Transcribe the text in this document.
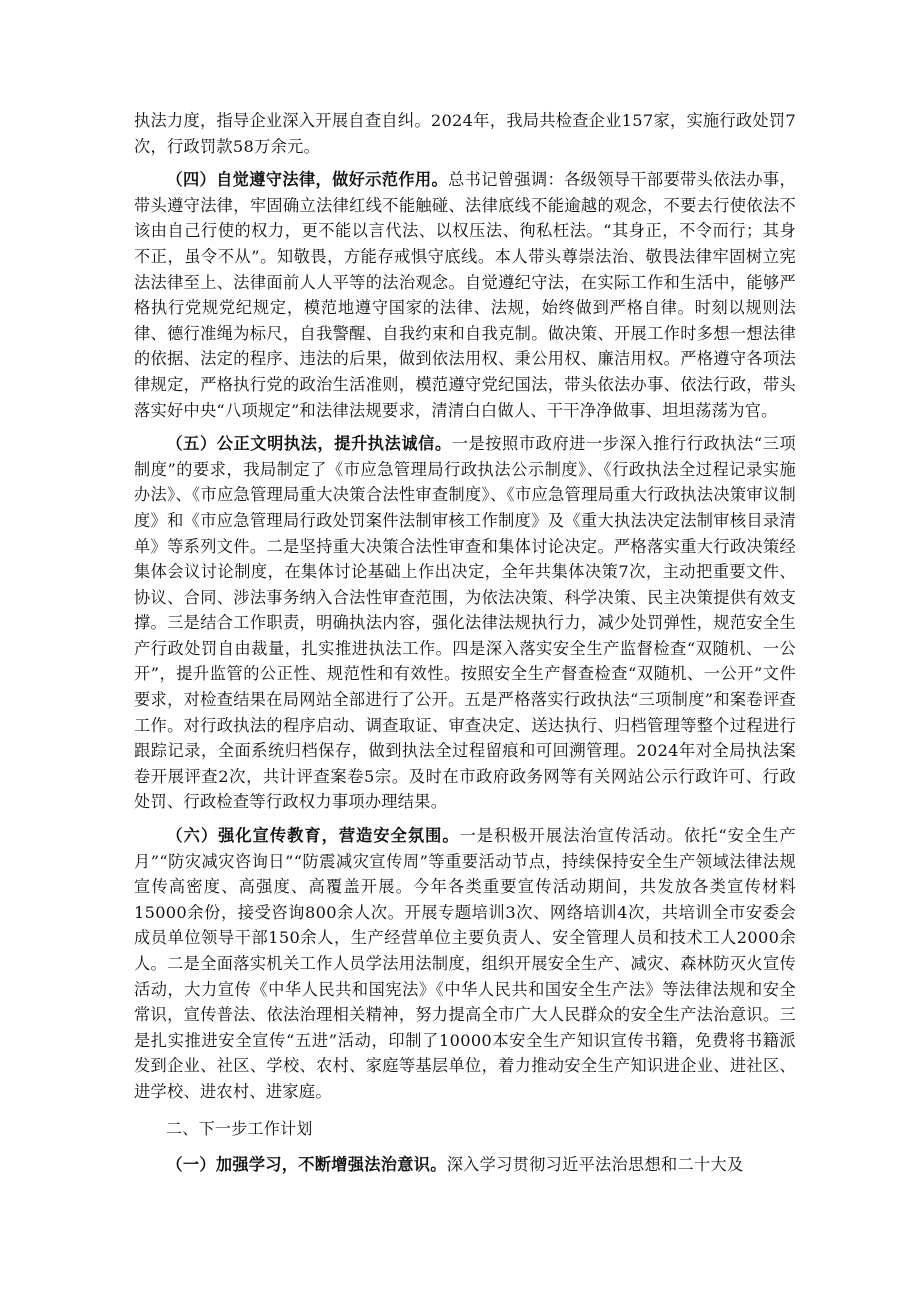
执法力度，指导企业深入开展自查自纠。2024年，我局共检查企业157家，实施行政处罚7次，行政罚款58万余元。

（四）自觉遵守法律，做好示范作用。总书记曾强调：各级领导干部要带头依法办事，带头遵守法律，牢固确立法律红线不能触碰、法律底线不能逾越的观念，不要去行使依法不该由自己行使的权力，更不能以言代法、以权压法、徇私枉法。“其身正，不令而行；其身不正，虽令不从”。知敬畏，方能存戒惧守底线。本人带头尊崇法治、敬畏法律牢固树立宪法法律至上、法律面前人人平等的法治观念。自觉遵纪守法，在实际工作和生活中，能够严格执行党规党纪规定，模范地遵守国家的法律、法规，始终做到严格自律。时刻以规则法律、德行准绳为标尺，自我警醒、自我约束和自我克制。做决策、开展工作时多想一想法律的依据、法定的程序、违法的后果，做到依法用权、秉公用权、廉洁用权。严格遵守各项法律规定，严格执行党的政治生活准则，模范遵守党纪国法，带头依法办事、依法行政，带头落实好中央“八项规定”和法律法规要求，清清白白做人、干干净净做事、坦坦荡荡为官。

（五）公正文明执法，提升执法诚信。一是按照市政府进一步深入推行行政执法“三项制度”的要求，我局制定了《市应急管理局行政执法公示制度》、《行政执法全过程记录实施办法》、《市应急管理局重大决策合法性审查制度》、《市应急管理局重大行政执法决策审议制度》和《市应急管理局行政处罚案件法制审核工作制度》及《重大执法决定法制审核目录清单》等系列文件。二是坚持重大决策合法性审查和集体讨论决定。严格落实重大行政决策经集体会议讨论制度，在集体讨论基础上作出决定，全年共集体决策7次，主动把重要文件、协议、合同、涉法事务纳入合法性审查范围，为依法决策、科学决策、民主决策提供有效支撑。三是结合工作职责，明确执法内容，强化法律法规执行力，减少处罚弹性，规范安全生产行政处罚自由裁量，扎实推进执法工作。四是深入落实安全生产监督检查“双随机、一公开”，提升监管的公正性、规范性和有效性。按照安全生产督查检查“双随机、一公开”文件要求，对检查结果在局网站全部进行了公开。五是严格落实行政执法“三项制度”和案卷评查工作。对行政执法的程序启动、调查取证、审查决定、送达执行、归档管理等整个过程进行跟踪记录，全面系统归档保存，做到执法全过程留痕和可回溯管理。2024年对全局执法案卷开展评查2次，共计评查案卷5宗。及时在市政府政务网等有关网站公示行政许可、行政处罚、行政检查等行政权力事项办理结果。

（六）强化宣传教育，营造安全氛围。一是积极开展法治宣传活动。依托“安全生产月”“防灾减灾咨询日”“防震减灾宣传周”等重要活动节点，持续保持安全生产领域法律法规宣传高密度、高强度、高覆盖开展。今年各类重要宣传活动期间，共发放各类宣传材料15000余份，接受咨询800余人次。开展专题培训3次、网络培训4次，共培训全市安委会成员单位领导干部150余人，生产经营单位主要负责人、安全管理人员和技术工人2000余人。二是全面落实机关工作人员学法用法制度，组织开展安全生产、减灾、森林防灭火宣传活动，大力宣传《中华人民共和国宪法》《中华人民共和国安全生产法》等法律法规和安全常识，宣传普法、依法治理相关精神，努力提高全市广大人民群众的安全生产法治意识。三是扎实推进安全宣传“五进”活动，印制了10000本安全生产知识宣传书籍，免费将书籍派发到企业、社区、学校、农村、家庭等基层单位，着力推动安全生产知识进企业、进社区、进学校、进农村、进家庭。

二、下一步工作计划

（一）加强学习，不断增强法治意识。深入学习贯彻习近平法治思想和二十大及
